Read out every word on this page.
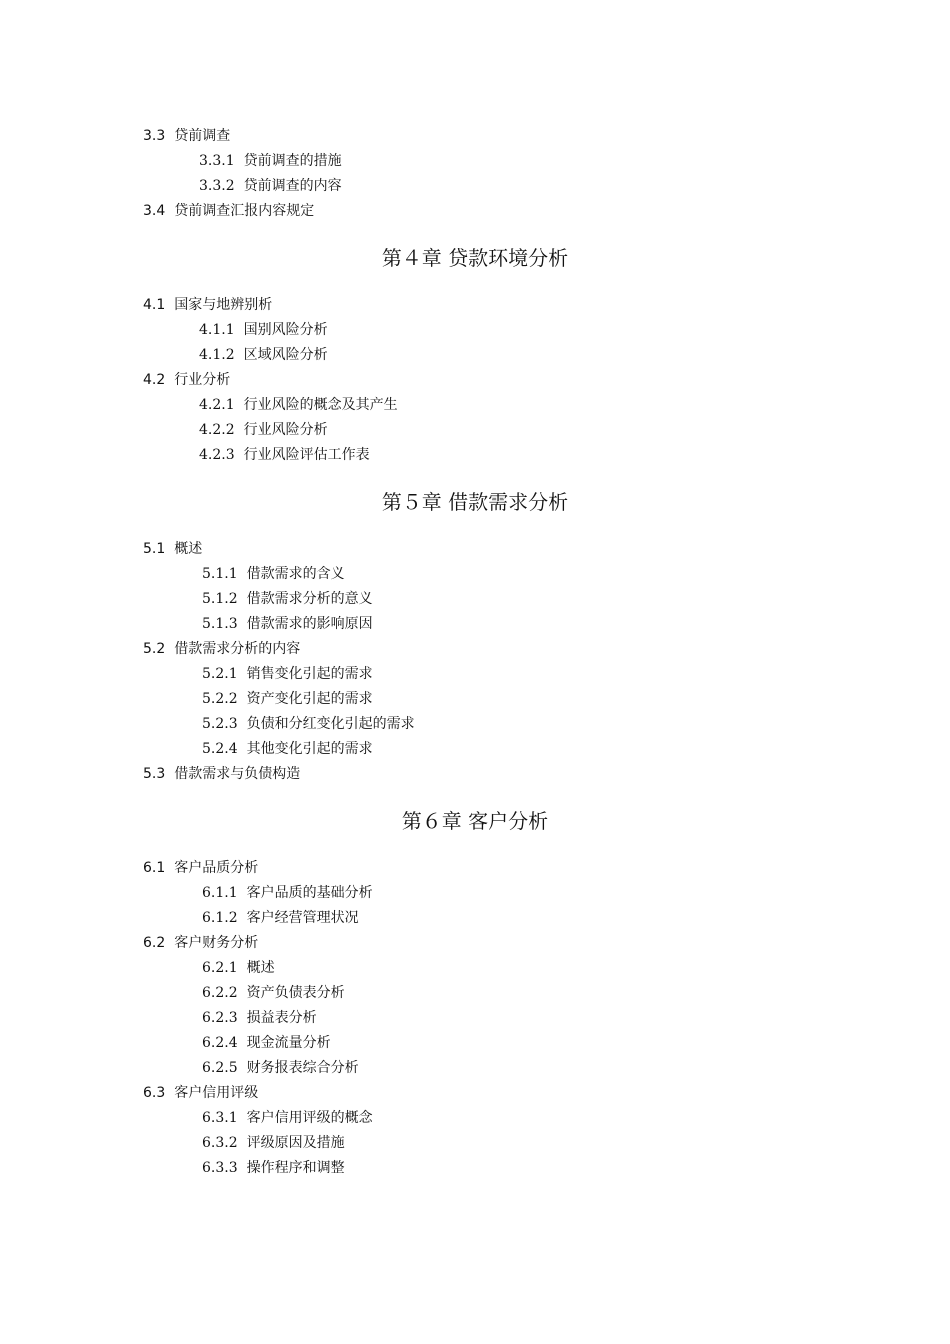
3.3 贷前调查
3.3.1 贷前调查的措施
3.3.2 贷前调查的内容
3.4 贷前调查汇报内容规定
第４章 贷款环境分析
4.1 国家与地辨别析
4.1.1 国别风险分析
4.1.2 区域风险分析
4.2 行业分析
4.2.1 行业风险的概念及其产生
4.2.2 行业风险分析
4.2.3 行业风险评估工作表
第５章 借款需求分析
5.1 概述
5.1.1 借款需求的含义
5.1.2 借款需求分析的意义
5.1.3 借款需求的影响原因
5.2 借款需求分析的内容
5.2.1 销售变化引起的需求
5.2.2 资产变化引起的需求
5.2.3 负债和分红变化引起的需求
5.2.4 其他变化引起的需求
5.3 借款需求与负债构造
第６章 客户分析
6.1 客户品质分析
6.1.1 客户品质的基础分析
6.1.2 客户经营管理状况
6.2 客户财务分析
6.2.1 概述
6.2.2 资产负债表分析
6.2.3 损益表分析
6.2.4 现金流量分析
6.2.5 财务报表综合分析
6.3 客户信用评级
6.3.1 客户信用评级的概念
6.3.2 评级原因及措施
6.3.3 操作程序和调整
